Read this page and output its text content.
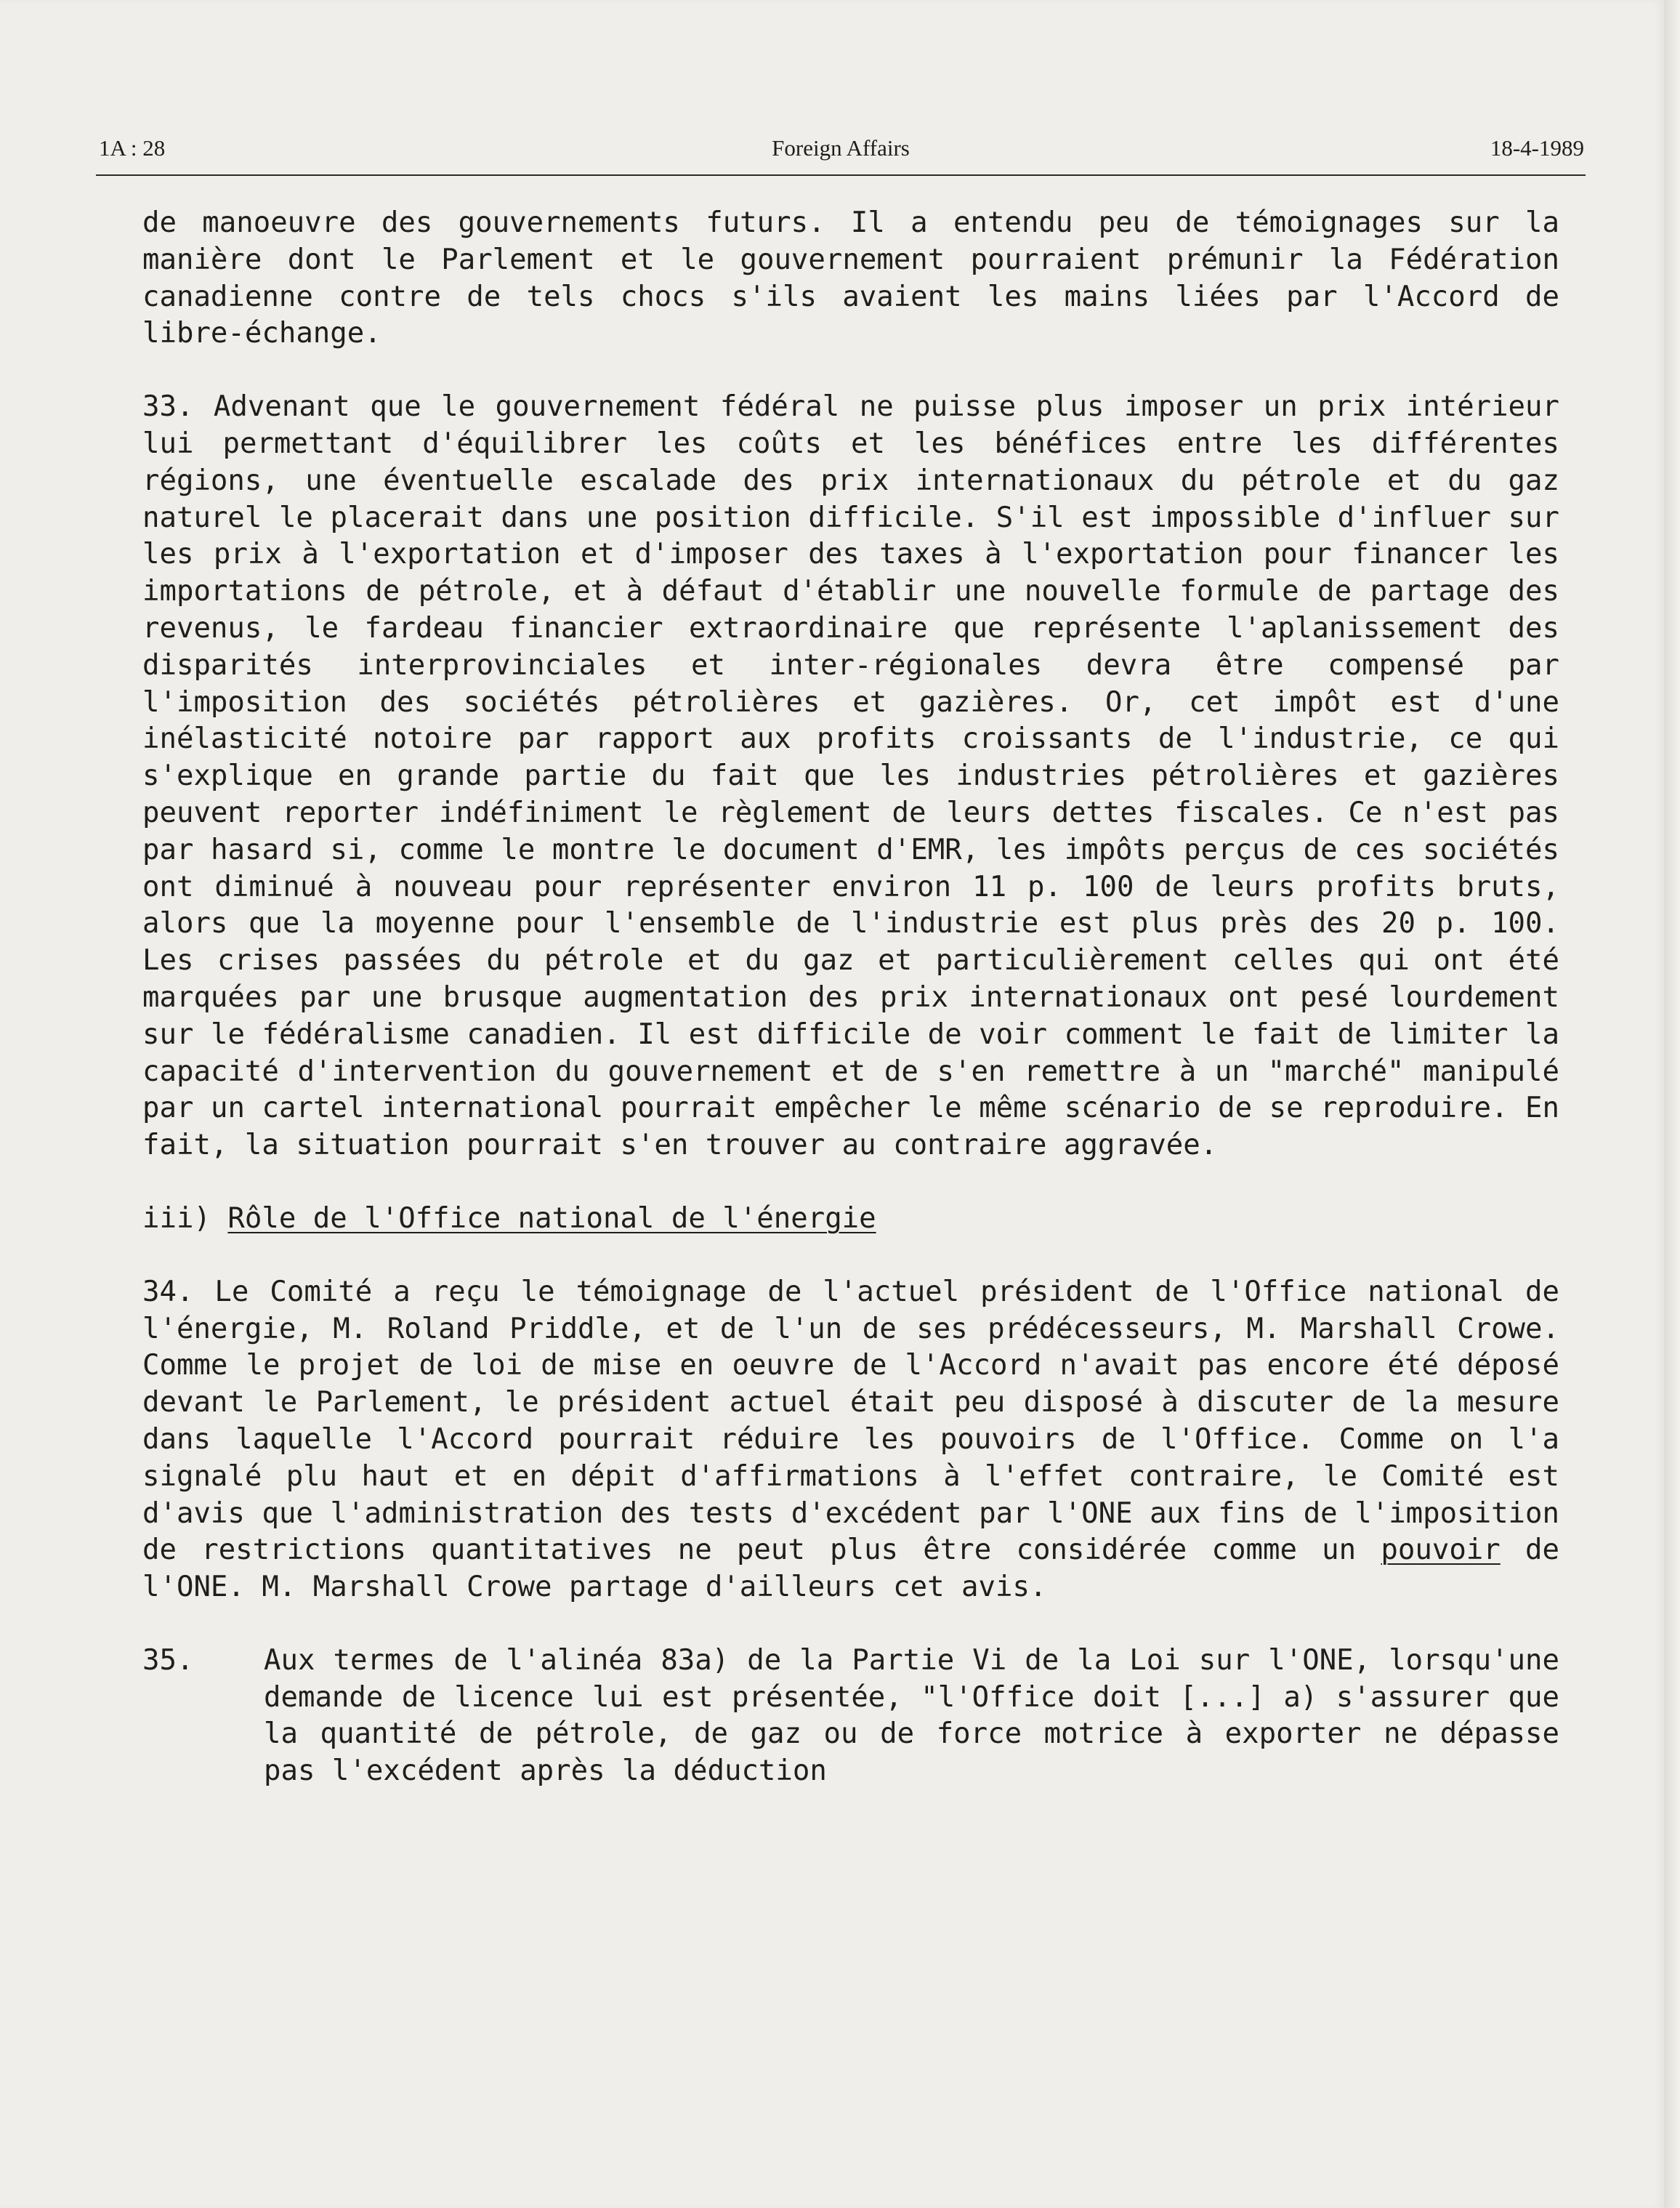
1A : 28	Foreign Affairs	18-4-1989

de manoeuvre des gouvernements futurs. Il a entendu peu de témoignages sur la manière dont le Parlement et le gouvernement pourraient prémunir la Fédération canadienne contre de tels chocs s'ils avaient les mains liées par l'Accord de libre-échange.

33. Advenant que le gouvernement fédéral ne puisse plus imposer un prix intérieur lui permettant d'équilibrer les coûts et les bénéfices entre les différentes régions, une éventuelle escalade des prix internationaux du pétrole et du gaz naturel le placerait dans une position difficile. S'il est impossible d'influer sur les prix à l'exportation et d'imposer des taxes à l'exportation pour financer les importations de pétrole, et à défaut d'établir une nouvelle formule de partage des revenus, le fardeau financier extraordinaire que représente l'aplanissement des disparités interprovinciales et inter-régionales devra être compensé par l'imposition des sociétés pétrolières et gazières. Or, cet impôt est d'une inélasticité notoire par rapport aux profits croissants de l'industrie, ce qui s'explique en grande partie du fait que les industries pétrolières et gazières peuvent reporter indéfiniment le règlement de leurs dettes fiscales. Ce n'est pas par hasard si, comme le montre le document d'EMR, les impôts perçus de ces sociétés ont diminué à nouveau pour représenter environ 11 p. 100 de leurs profits bruts, alors que la moyenne pour l'ensemble de l'industrie est plus près des 20 p. 100. Les crises passées du pétrole et du gaz et particulièrement celles qui ont été marquées par une brusque augmentation des prix internationaux ont pesé lourdement sur le fédéralisme canadien. Il est difficile de voir comment le fait de limiter la capacité d'intervention du gouvernement et de s'en remettre à un "marché" manipulé par un cartel international pourrait empêcher le même scénario de se reproduire. En fait, la situation pourrait s'en trouver au contraire aggravée.

iii) Rôle de l'Office national de l'énergie

34. Le Comité a reçu le témoignage de l'actuel président de l'Office national de l'énergie, M. Roland Priddle, et de l'un de ses prédécesseurs, M. Marshall Crowe. Comme le projet de loi de mise en oeuvre de l'Accord n'avait pas encore été déposé devant le Parlement, le président actuel était peu disposé à discuter de la mesure dans laquelle l'Accord pourrait réduire les pouvoirs de l'Office. Comme on l'a signalé plu haut et en dépit d'affirmations à l'effet contraire, le Comité est d'avis que l'administration des tests d'excédent par l'ONE aux fins de l'imposition de restrictions quantitatives ne peut plus être considérée comme un pouvoir de l'ONE. M. Marshall Crowe partage d'ailleurs cet avis.

35. Aux termes de l'alinéa 83a) de la Partie Vi de la Loi sur l'ONE, lorsqu'une demande de licence lui est présentée, "l'Office doit [...] a) s'assurer que la quantité de pétrole, de gaz ou de force motrice à exporter ne dépasse pas l'excédent après la déduction
